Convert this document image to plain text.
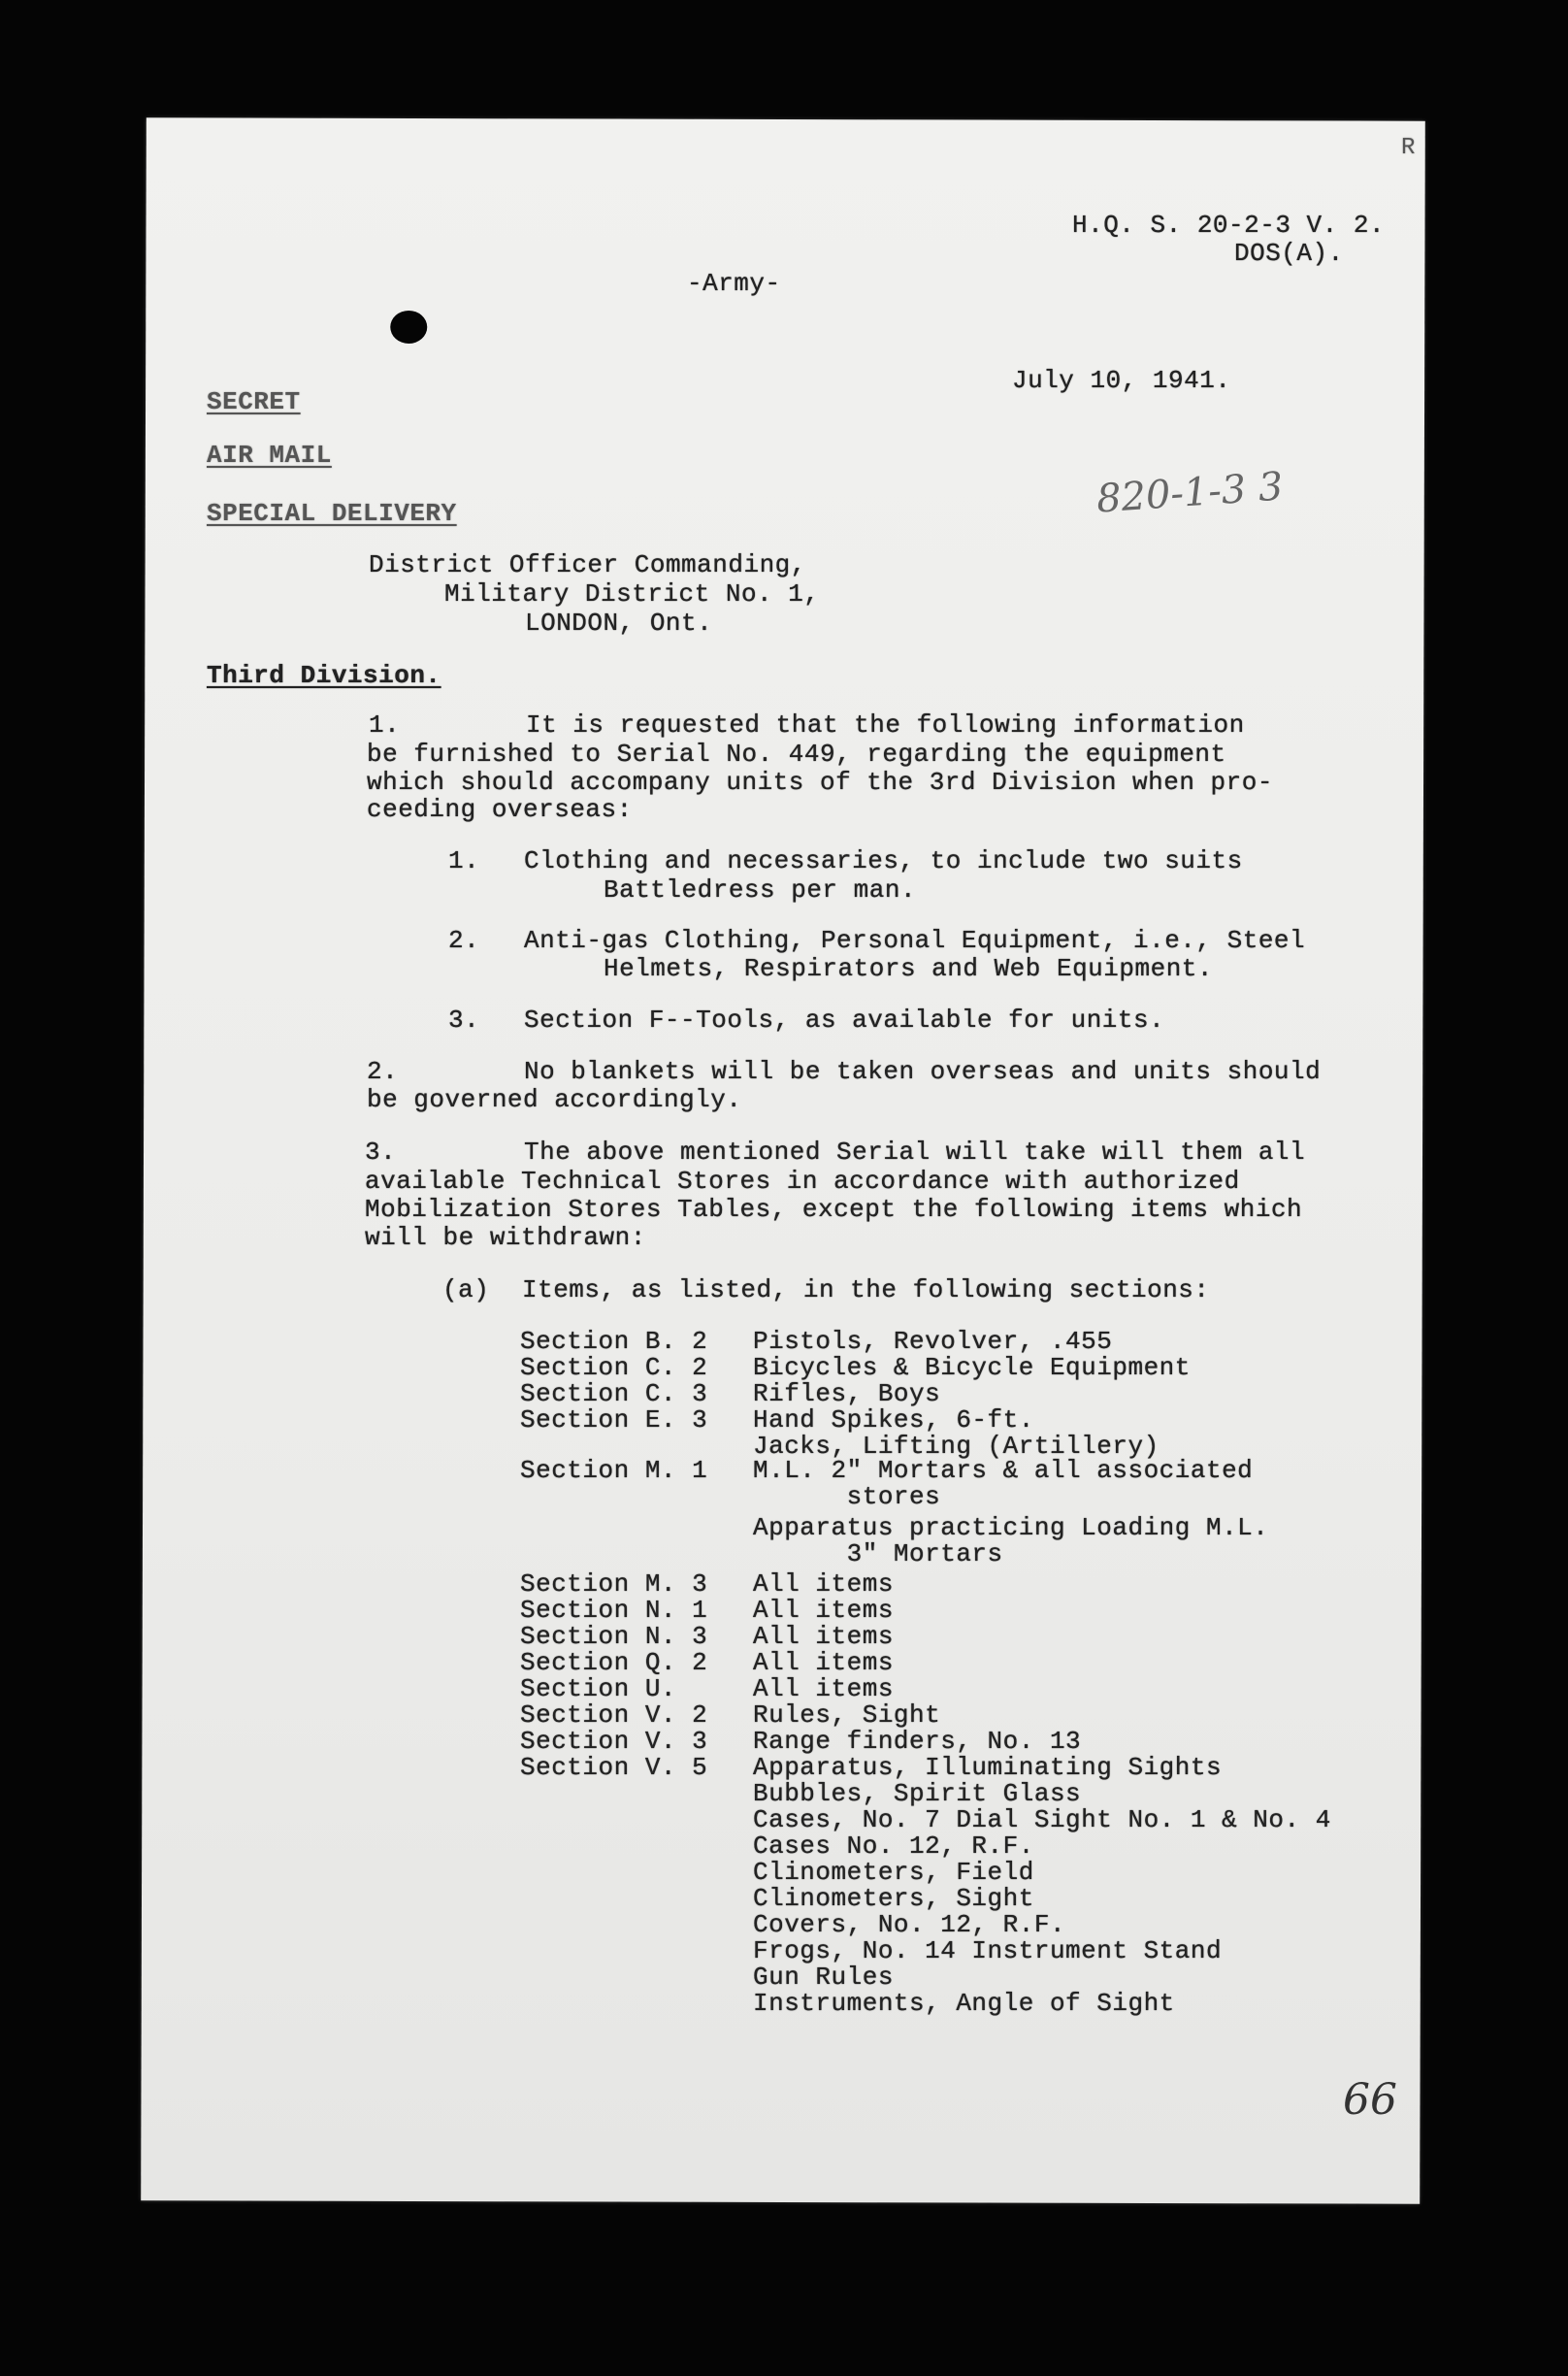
R
H.Q. S. 20-2-3 V. 2.
DOS(A).
-Army-
July 10, 1941.
SECRET
AIR MAIL
SPECIAL DELIVERY	820-1-3 3
District Officer Commanding,
Military District No. 1,
LONDON, Ont.
Third Division.
1.	It is requested that the following information
be furnished to Serial No. 449, regarding the equipment
which should accompany units of the 3rd Division when pro-
ceeding overseas:
1. Clothing and necessaries, to include two suits
Battledress per man.
2. Anti-gas Clothing, Personal Equipment, i.e., Steel
Helmets, Respirators and Web Equipment.
3. Section F--Tools, as available for units.
2.	No blankets will be taken overseas and units should
be governed accordingly.
3.	The above mentioned Serial will take will them all
available Technical Stores in accordance with authorized
Mobilization Stores Tables, except the following items which
will be withdrawn:
(a) Items, as listed, in the following sections:
Section B. 2 Pistols, Revolver, .455
Section C. 2 Bicycles & Bicycle Equipment
Section C. 3 Rifles, Boys
Section E. 3 Hand Spikes, 6-ft.
Jacks, Lifting (Artillery)
Section M. 1 M.L. 2" Mortars & all associated
stores
Apparatus practicing Loading M.L.
3" Mortars
Section M. 3 All items
Section N. 1 All items
Section N. 3 All items
Section Q. 2 All items
Section U.	All items
Section V. 2 Rules, Sight
Section V. 3 Range finders, No. 13
Section V. 5 Apparatus, Illuminating Sights
Bubbles, Spirit Glass
Cases, No. 7 Dial Sight No. 1 & No. 4
Cases No. 12, R.F.
Clinometers, Field
Clinometers, Sight
Covers, No. 12, R.F.
Frogs, No. 14 Instrument Stand
Gun Rules
Instruments, Angle of Sight
66
